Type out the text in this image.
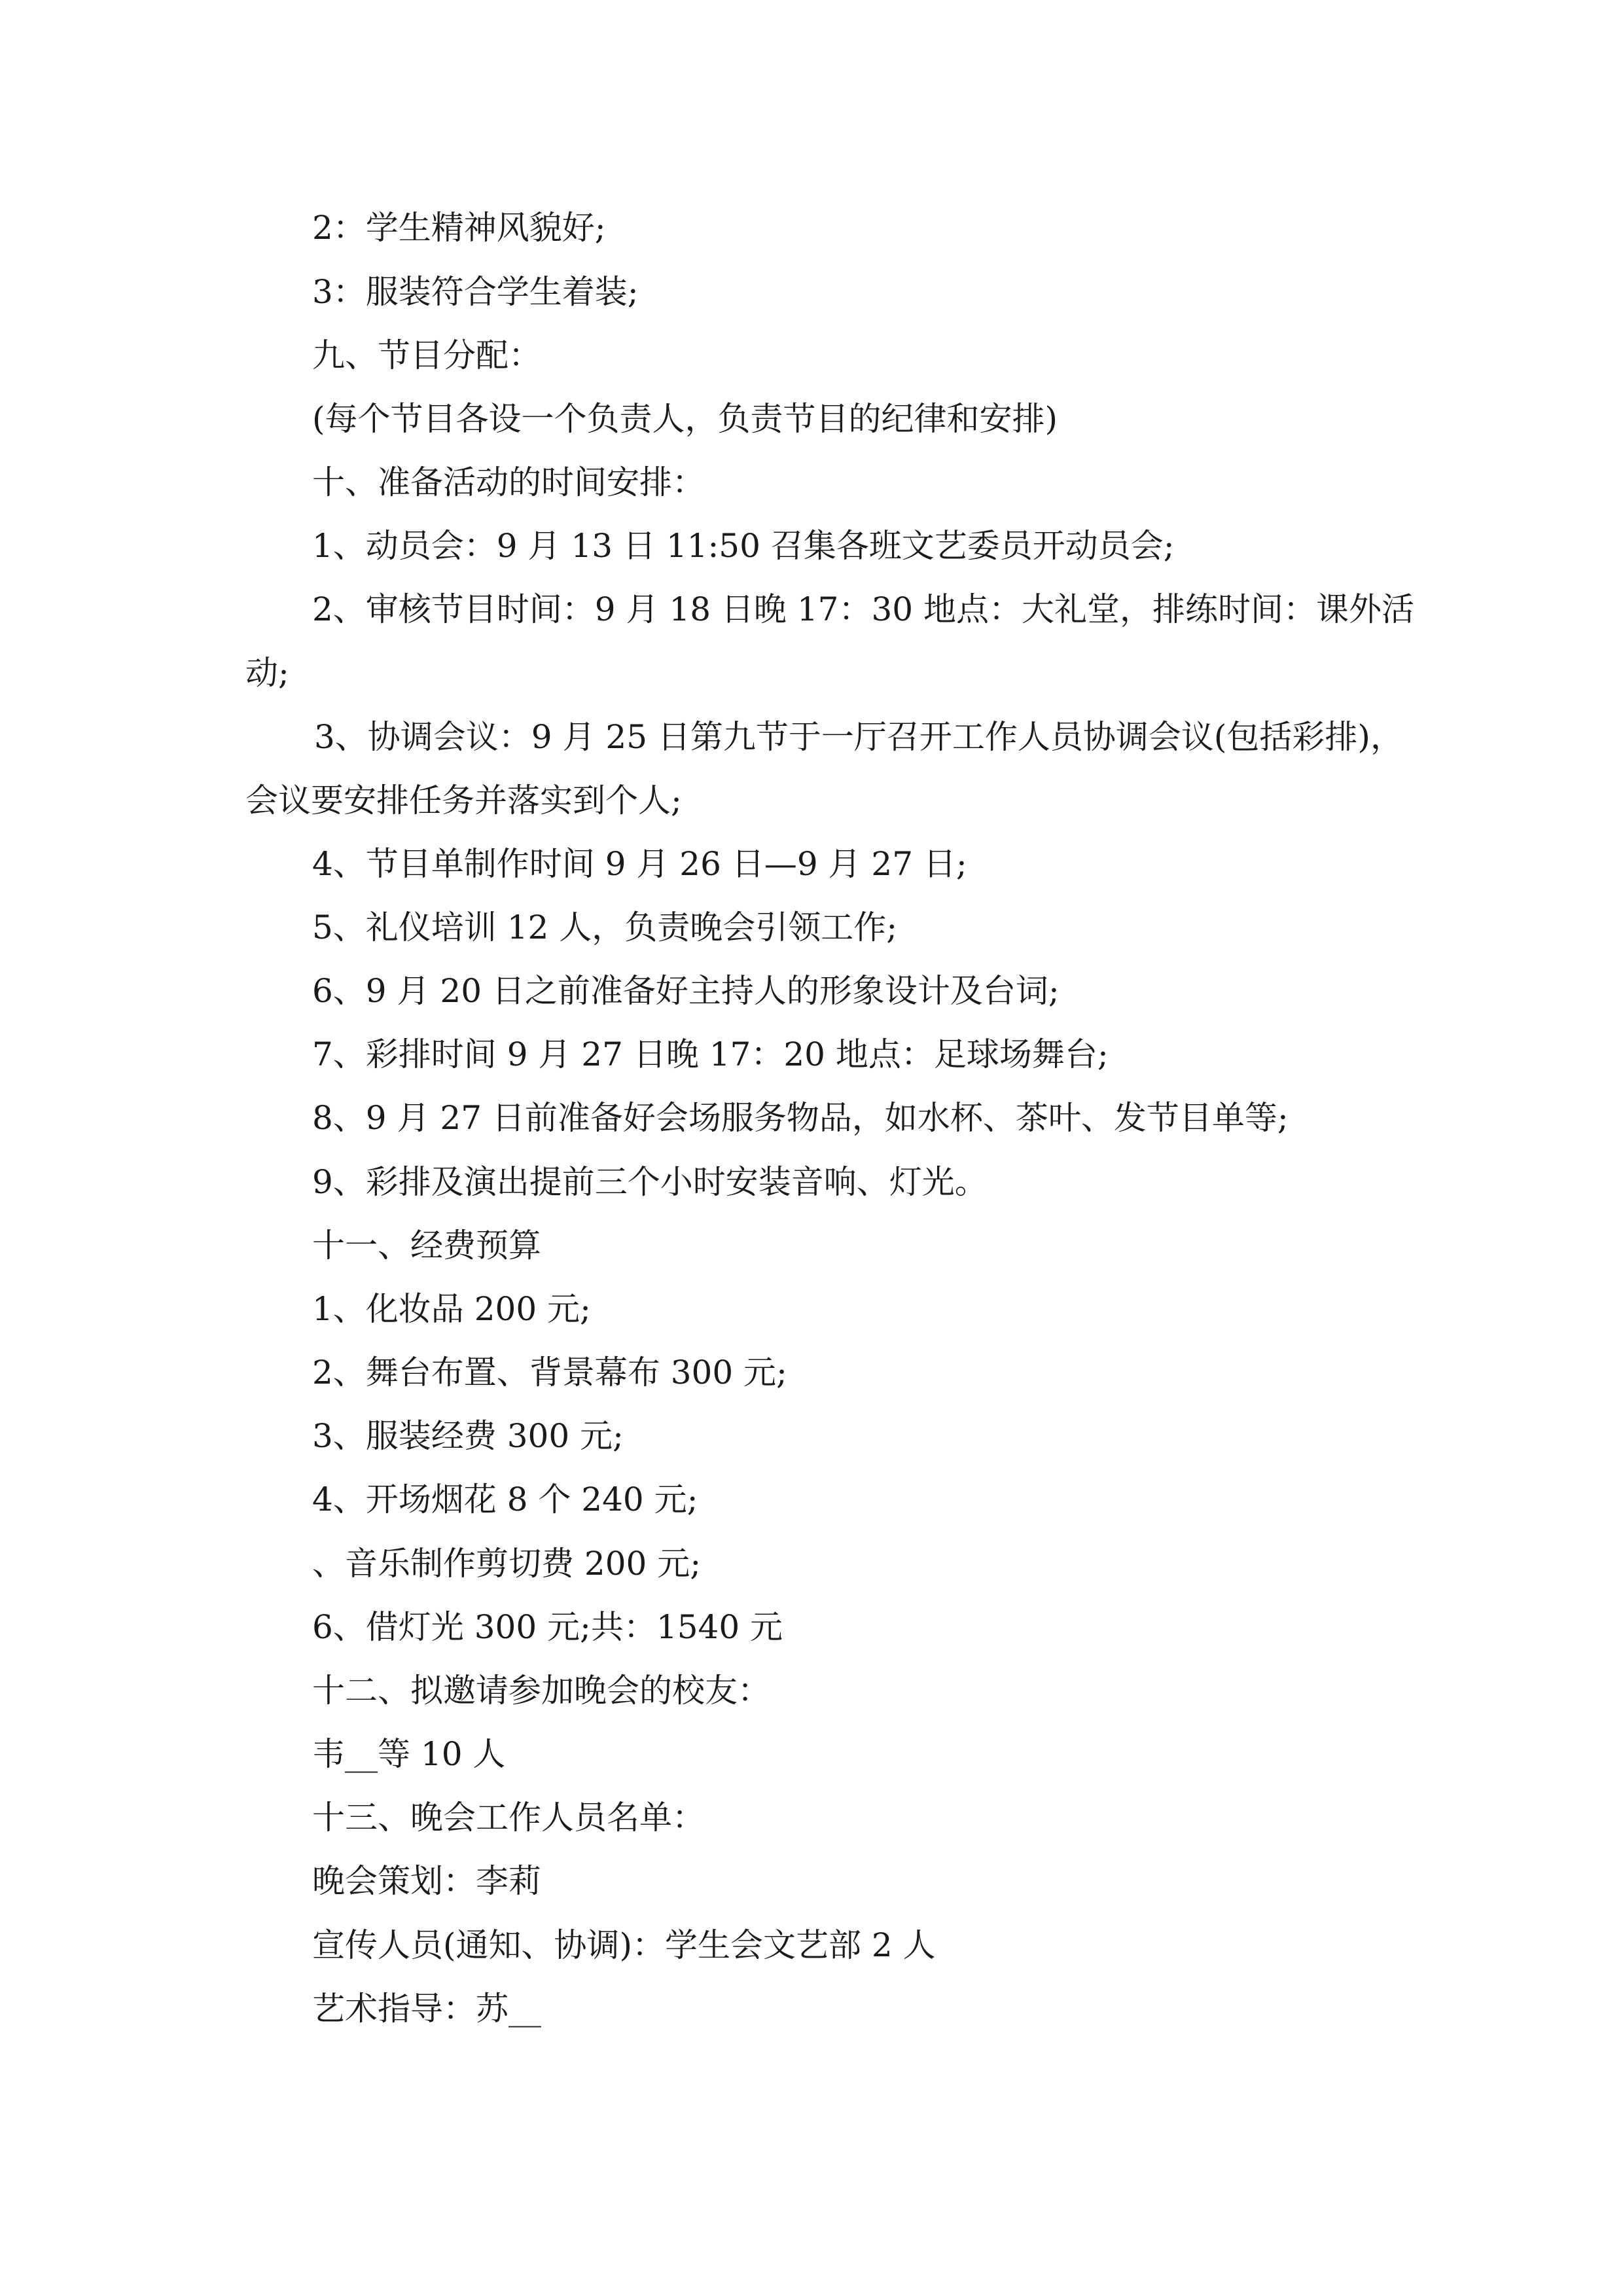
2：学生精神风貌好;
3：服装符合学生着装;
九、节目分配：
(每个节目各设一个负责人，负责节目的纪律和安排)
十、准备活动的时间安排：
1、动员会：9 月 13 日 11:50 召集各班文艺委员开动员会;
2、审核节目时间：9 月 18 日晚 17：30 地点：大礼堂，排练时间：课外活
动;
3、协调会议：9 月 25 日第九节于一厅召开工作人员协调会议(包括彩排)，
会议要安排任务并落实到个人;
4、节目单制作时间 9 月 26 日—9 月 27 日;
5、礼仪培训 12 人，负责晚会引领工作;
6、9 月 20 日之前准备好主持人的形象设计及台词;
7、彩排时间 9 月 27 日晚 17：20 地点：足球场舞台;
8、9 月 27 日前准备好会场服务物品，如水杯、茶叶、发节目单等;
9、彩排及演出提前三个小时安装音响、灯光。
十一、经费预算
1、化妆品 200 元;
2、舞台布置、背景幕布 300 元;
3、服装经费 300 元;
4、开场烟花 8 个 240 元;
、音乐制作剪切费 200 元;
6、借灯光 300 元;共：1540 元
十二、拟邀请参加晚会的校友：
韦__等 10 人
十三、晚会工作人员名单：
晚会策划：李莉
宣传人员(通知、协调)：学生会文艺部 2 人
艺术指导：苏__
